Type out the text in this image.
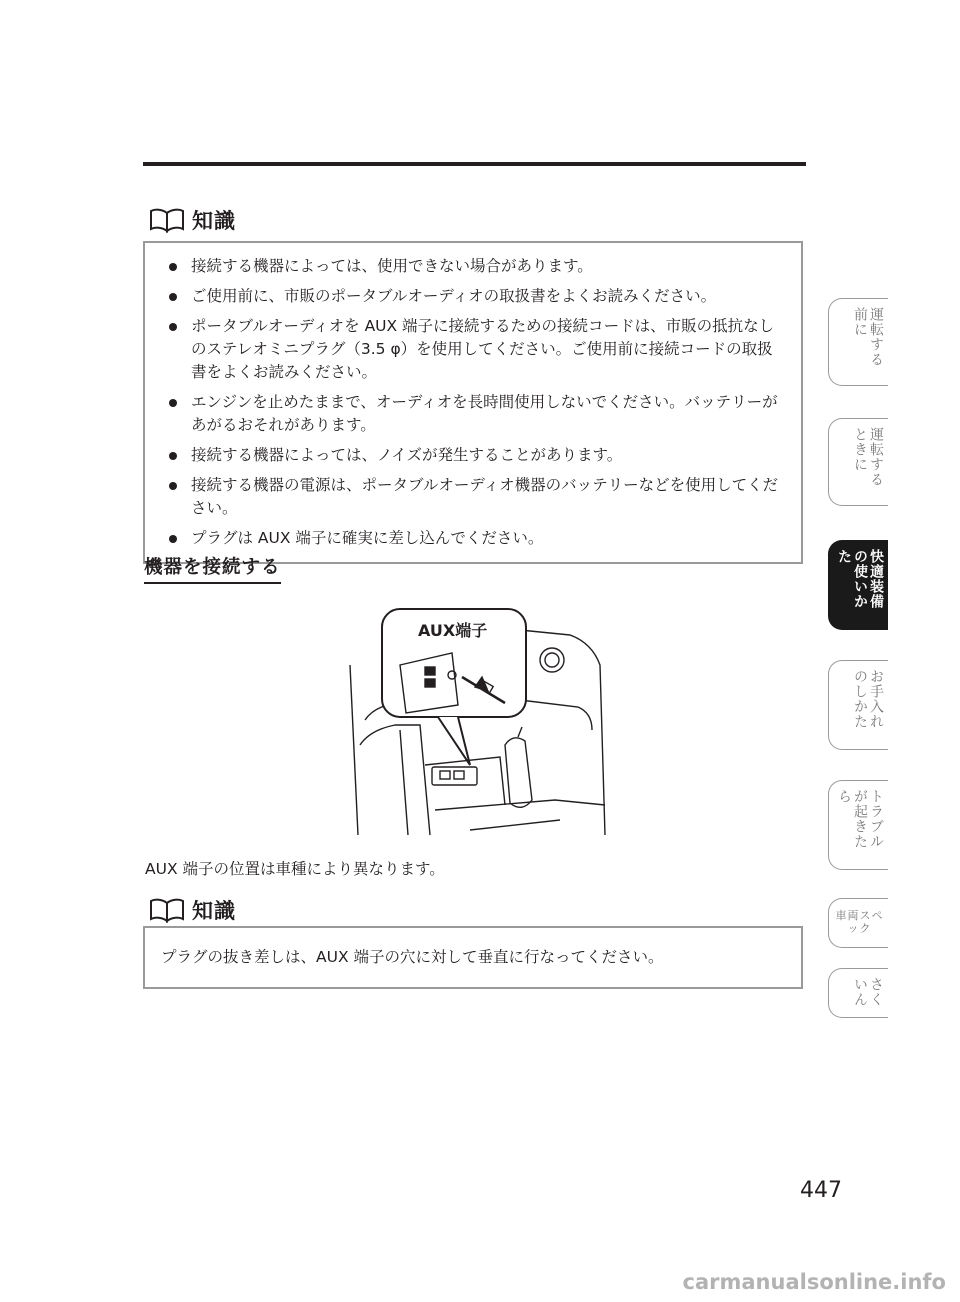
知識
接続する機器によっては、使用できない場合があります。
ご使用前に、市販のポータブルオーディオの取扱書をよくお読みください。
ポータブルオーディオを AUX 端子に接続するための接続コードは、市販の抵抗なしのステレオミニプラグ（3.5 φ）を使用してください。ご使用前に接続コードの取扱書をよくお読みください。
エンジンを止めたままで、オーディオを長時間使用しないでください。バッテリーがあがるおそれがあります。
接続する機器によっては、ノイズが発生することがあります。
接続する機器の電源は、ポータブルオーディオ機器のバッテリーなどを使用してください。
プラグは AUX 端子に確実に差し込んでください。
機器を接続する
AUX端子
AUX 端子の位置は車種により異なります。
知識
プラグの抜き差しは、AUX 端子の穴に対して垂直に行なってください。
447
運転する前に
運転するときに
快適装備の使いかた
お手入れのしかた
トラブルが起きたら
車両スペック
さくいん
carmanualsonline.info
